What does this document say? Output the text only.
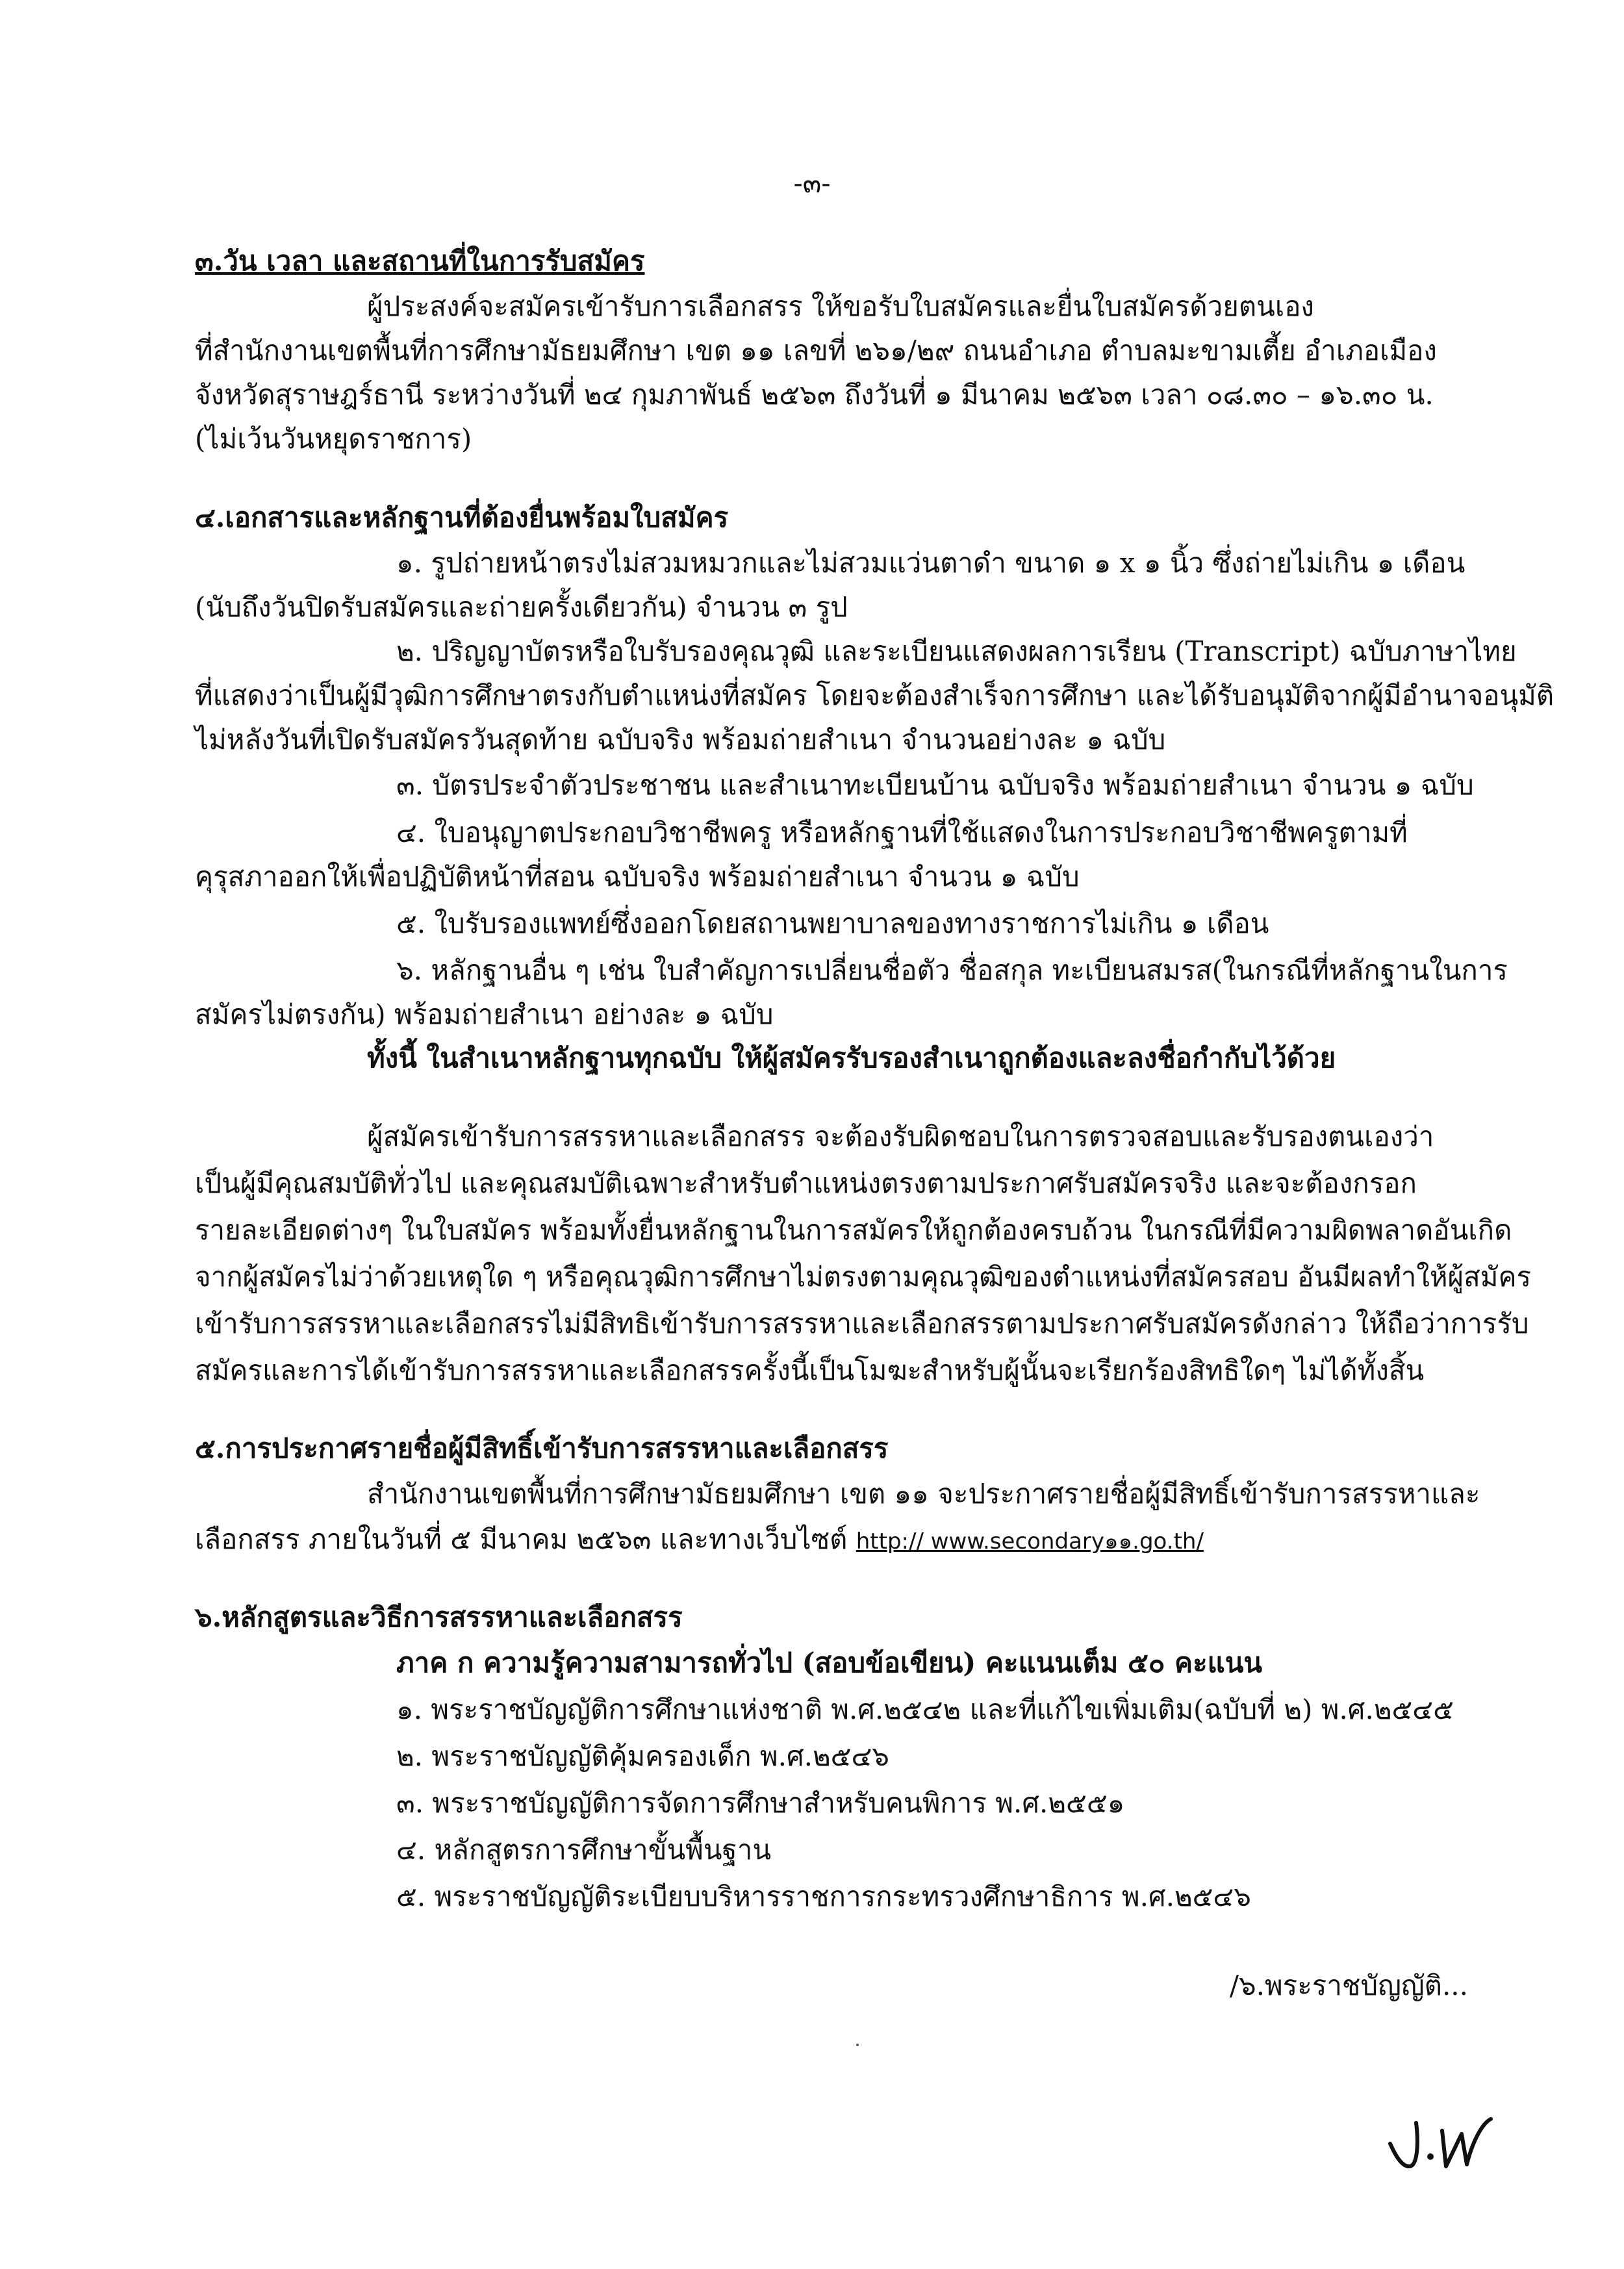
-๓-
๓.วัน เวลา และสถานที่ในการรับสมัคร
ผู้ประสงค์จะสมัครเข้ารับการเลือกสรร ให้ขอรับใบสมัครและยื่นใบสมัครด้วยตนเอง
ที่สำนักงานเขตพื้นที่การศึกษามัธยมศึกษา เขต ๑๑ เลขที่ ๒๖๑/๒๙ ถนนอำเภอ ตำบลมะขามเตี้ย อำเภอเมือง
จังหวัดสุราษฎร์ธานี ระหว่างวันที่ ๒๔ กุมภาพันธ์ ๒๕๖๓ ถึงวันที่ ๑ มีนาคม ๒๕๖๓ เวลา ๐๘.๓๐ – ๑๖.๓๐ น.
(ไม่เว้นวันหยุดราชการ)
๔.เอกสารและหลักฐานที่ต้องยื่นพร้อมใบสมัคร
๑. รูปถ่ายหน้าตรงไม่สวมหมวกและไม่สวมแว่นตาดำ ขนาด ๑ x ๑ นิ้ว ซึ่งถ่ายไม่เกิน ๑ เดือน
(นับถึงวันปิดรับสมัครและถ่ายครั้งเดียวกัน) จำนวน ๓ รูป
๒. ปริญญาบัตรหรือใบรับรองคุณวุฒิ และระเบียนแสดงผลการเรียน (Transcript) ฉบับภาษาไทย
ที่แสดงว่าเป็นผู้มีวุฒิการศึกษาตรงกับตำแหน่งที่สมัคร โดยจะต้องสำเร็จการศึกษา และได้รับอนุมัติจากผู้มีอำนาจอนุมัติ
ไม่หลังวันที่เปิดรับสมัครวันสุดท้าย ฉบับจริง พร้อมถ่ายสำเนา จำนวนอย่างละ ๑ ฉบับ
๓. บัตรประจำตัวประชาชน และสำเนาทะเบียนบ้าน ฉบับจริง พร้อมถ่ายสำเนา จำนวน ๑ ฉบับ
๔. ใบอนุญาตประกอบวิชาชีพครู หรือหลักฐานที่ใช้แสดงในการประกอบวิชาชีพครูตามที่
คุรุสภาออกให้เพื่อปฏิบัติหน้าที่สอน ฉบับจริง พร้อมถ่ายสำเนา จำนวน ๑ ฉบับ
๕. ใบรับรองแพทย์ซึ่งออกโดยสถานพยาบาลของทางราชการไม่เกิน ๑ เดือน
๖. หลักฐานอื่น ๆ เช่น ใบสำคัญการเปลี่ยนชื่อตัว ชื่อสกุล ทะเบียนสมรส(ในกรณีที่หลักฐานในการ
สมัครไม่ตรงกัน) พร้อมถ่ายสำเนา อย่างละ ๑ ฉบับ
ทั้งนี้ ในสำเนาหลักฐานทุกฉบับ ให้ผู้สมัครรับรองสำเนาถูกต้องและลงชื่อกำกับไว้ด้วย
ผู้สมัครเข้ารับการสรรหาและเลือกสรร จะต้องรับผิดชอบในการตรวจสอบและรับรองตนเองว่า
เป็นผู้มีคุณสมบัติทั่วไป และคุณสมบัติเฉพาะสำหรับตำแหน่งตรงตามประกาศรับสมัครจริง และจะต้องกรอก
รายละเอียดต่างๆ ในใบสมัคร พร้อมทั้งยื่นหลักฐานในการสมัครให้ถูกต้องครบถ้วน ในกรณีที่มีความผิดพลาดอันเกิด
จากผู้สมัครไม่ว่าด้วยเหตุใด ๆ หรือคุณวุฒิการศึกษาไม่ตรงตามคุณวุฒิของตำแหน่งที่สมัครสอบ อันมีผลทำให้ผู้สมัคร
เข้ารับการสรรหาและเลือกสรรไม่มีสิทธิเข้ารับการสรรหาและเลือกสรรตามประกาศรับสมัครดังกล่าว ให้ถือว่าการรับ
สมัครและการได้เข้ารับการสรรหาและเลือกสรรครั้งนี้เป็นโมฆะสำหรับผู้นั้นจะเรียกร้องสิทธิใดๆ ไม่ได้ทั้งสิ้น
๕.การประกาศรายชื่อผู้มีสิทธิ์เข้ารับการสรรหาและเลือกสรร
สำนักงานเขตพื้นที่การศึกษามัธยมศึกษา เขต ๑๑ จะประกาศรายชื่อผู้มีสิทธิ์เข้ารับการสรรหาและ
เลือกสรร ภายในวันที่ ๕ มีนาคม ๒๕๖๓ และทางเว็บไซต์ http:// www.secondary๑๑.go.th/
๖.หลักสูตรและวิธีการสรรหาและเลือกสรร
ภาค ก ความรู้ความสามารถทั่วไป (สอบข้อเขียน) คะแนนเต็ม ๕๐ คะแนน
๑. พระราชบัญญัติการศึกษาแห่งชาติ พ.ศ.๒๕๔๒ และที่แก้ไขเพิ่มเติม(ฉบับที่ ๒) พ.ศ.๒๕๔๕
๒. พระราชบัญญัติคุ้มครองเด็ก พ.ศ.๒๕๔๖
๓. พระราชบัญญัติการจัดการศึกษาสำหรับคนพิการ พ.ศ.๒๕๕๑
๔. หลักสูตรการศึกษาขั้นพื้นฐาน
๕. พระราชบัญญัติระเบียบบริหารราชการกระทรวงศึกษาธิการ พ.ศ.๒๕๔๖
/๖.พระราชบัญญัติ...
